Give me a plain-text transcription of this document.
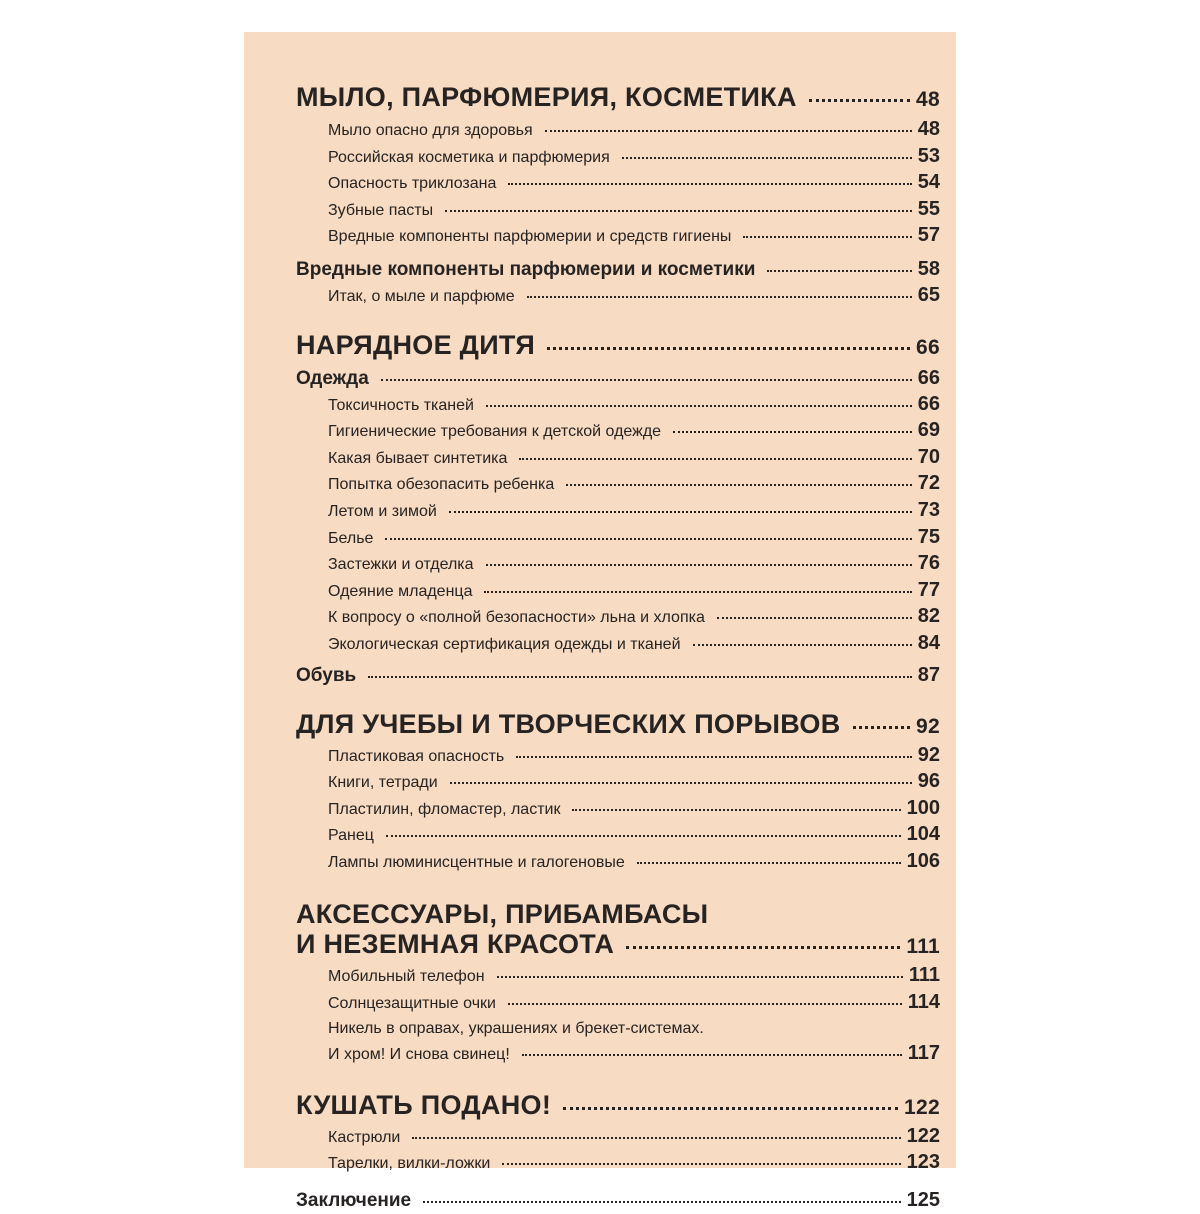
МЫЛО, ПАРФЮМЕРИЯ, КОСМЕТИКА	48
Мыло опасно для здоровья	48
Российская косметика и парфюмерия	53
Опасность триклозана	54
Зубные пасты	55
Вредные компоненты парфюмерии и средств гигиены	57
Вредные компоненты парфюмерии и косметики	58
Итак, о мыле и парфюме	65
НАРЯДНОЕ ДИТЯ	66
Одежда	66
Токсичность тканей	66
Гигиенические требования к детской одежде	69
Какая бывает синтетика	70
Попытка обезопасить ребенка	72
Летом и зимой	73
Белье	75
Застежки и отделка	76
Одеяние младенца	77
К вопросу о «полной безопасности» льна и хлопка	82
Экологическая сертификация одежды и тканей	84
Обувь	87
ДЛЯ УЧЕБЫ И ТВОРЧЕСКИХ ПОРЫВОВ	92
Пластиковая опасность	92
Книги, тетради	96
Пластилин, фломастер, ластик	100
Ранец	104
Лампы люминисцентные и галогеновые	106
АКСЕССУАРЫ, ПРИБАМБАСЫ
И НЕЗЕМНАЯ КРАСОТА	111
Мобильный телефон	111
Солнцезащитные очки	114
Никель в оправах, украшениях и брекет-системах.
И хром! И снова свинец!	117
КУШАТЬ ПОДАНО!	122
Кастрюли	122
Тарелки, вилки-ложки	123
Заключение	125
